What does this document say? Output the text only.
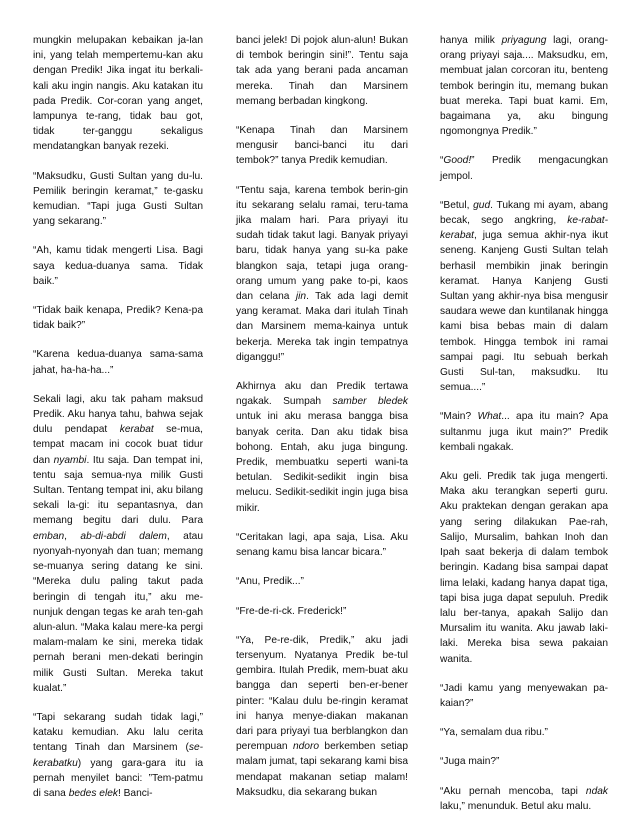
mungkin melupakan kebaikan ja-lan ini, yang telah mempertemu-kan aku dengan Predik! Jika ingat itu berkali-kali aku ingin nangis. Aku katakan itu pada Predik. Cor-coran yang anget, lampunya te-rang, tidak bau got, tidak ter-ganggu sekaligus mendatangkan banyak rezeki.

“Maksudku, Gusti Sultan yang du-lu. Pemilik beringin keramat,” te-gasku kemudian. “Tapi juga Gusti Sultan yang sekarang.”

“Ah, kamu tidak mengerti Lisa. Bagi saya kedua-duanya sama. Tidak baik.”

“Tidak baik kenapa, Predik? Kena-pa tidak baik?”

“Karena kedua-duanya sama-sama jahat, ha-ha-ha...”

Sekali lagi, aku tak paham maksud Predik. Aku hanya tahu, bahwa sejak dulu pendapat kerabat se-mua, tempat macam ini cocok buat tidur dan nyambi. Itu saja. Dan tempat ini, tentu saja semua-nya milik Gusti Sultan. Tentang tempat ini, aku bilang sekali la-gi: itu sepantasnya, dan memang begitu dari dulu. Para emban, ab-di-abdi dalem, atau nyonyah-nyonyah dan tuan; memang se-muanya sering datang ke sini. “Mereka dulu paling takut pada beringin di tengah itu,” aku me-nunjuk dengan tegas ke arah ten-gah alun-alun. “Maka kalau mere-ka pergi malam-malam ke sini, mereka tidak pernah berani men-dekati beringin milik Gusti Sultan. Mereka takut kualat.”

“Tapi sekarang sudah tidak lagi,” kataku kemudian. Aku lalu cerita tentang Tinah dan Marsinem (se-kerabatku) yang gara-gara itu ia pernah menyilet banci: ”Tem-patmu di sana bedes elek! Banci-

banci jelek! Di pojok alun-alun! Bukan di tembok beringin sini!”. Tentu saja tak ada yang berani pada ancaman mereka. Tinah dan Marsinem memang berbadan kingkong.

“Kenapa Tinah dan Marsinem mengusir banci-banci itu dari tembok?” tanya Predik kemudian.

“Tentu saja, karena tembok berin-gin itu sekarang selalu ramai, teru-tama jika malam hari. Para priyayi itu sudah tidak takut lagi. Banyak priyayi baru, tidak hanya yang su-ka pake blangkon saja, tetapi juga orang-orang umum yang pake to-pi, kaos dan celana jin. Tak ada lagi demit yang keramat. Maka dari itulah Tinah dan Marsinem mema-kainya untuk bekerja. Mereka tak ingin tempatnya diganggu!”

Akhirnya aku dan Predik tertawa ngakak. Sumpah samber bledek untuk ini aku merasa bangga bisa banyak cerita. Dan aku tidak bisa bohong. Entah, aku juga bingung. Predik, membuatku seperti wani-ta betulan. Sedikit-sedikit ingin bisa melucu. Sedikit-sedikit ingin juga bisa mikir.

“Ceritakan lagi, apa saja, Lisa. Aku senang kamu bisa lancar bicara.”

“Anu, Predik...”

“Fre-de-ri-ck. Frederick!”

“Ya, Pe-re-dik, Predik,” aku jadi tersenyum. Nyatanya Predik be-tul gembira. Itulah Predik, mem-buat aku bangga dan seperti ben-er-bener pinter: “Kalau dulu be-ringin keramat ini hanya menye-diakan makanan dari para priyayi tua berblangkon dan perempuan ndoro berkemben setiap malam jumat, tapi sekarang kami bisa mendapat makanan setiap malam! Maksudku, dia sekarang bukan

hanya milik priyagung lagi, orang-orang priyayi saja.... Maksudku, em, membuat jalan corcoran itu, benteng tembok beringin itu, memang bukan buat mereka. Tapi buat kami. Em, bagaimana ya, aku bingung ngomongnya Predik.”

“Good!” Predik mengacungkan jempol.

“Betul, gud. Tukang mi ayam, abang becak, sego angkring, ke-rabat-kerabat, juga semua akhir-nya ikut seneng. Kanjeng Gusti Sultan telah berhasil membikin jinak beringin keramat. Hanya Kanjeng Gusti Sultan yang akhir-nya bisa mengusir saudara wewe dan kuntilanak hingga kami bisa bebas main di dalam tembok. Hingga tembok ini ramai sampai pagi. Itu sebuah berkah Gusti Sul-tan, maksudku. Itu semua....”

“Main? What... apa itu main? Apa sultanmu juga ikut main?” Predik kembali ngakak.

Aku geli. Predik tak juga mengerti. Maka aku terangkan seperti guru. Aku praktekan dengan gerakan apa yang sering dilakukan Pae-rah, Salijo, Mursalim, bahkan Inoh dan Ipah saat bekerja di dalam tembok beringin. Kadang bisa sampai dapat lima lelaki, kadang hanya dapat tiga, tapi bisa juga dapat sepuluh. Predik lalu ber-tanya, apakah Salijo dan Mursalim itu wanita. Aku jawab laki-laki. Mereka bisa sewa pakaian wanita.

“Jadi kamu yang menyewakan pa-kaian?”

“Ya, semalam dua ribu.”

“Juga main?”

“Aku pernah mencoba, tapi ndak laku,” menunduk. Betul aku malu.
